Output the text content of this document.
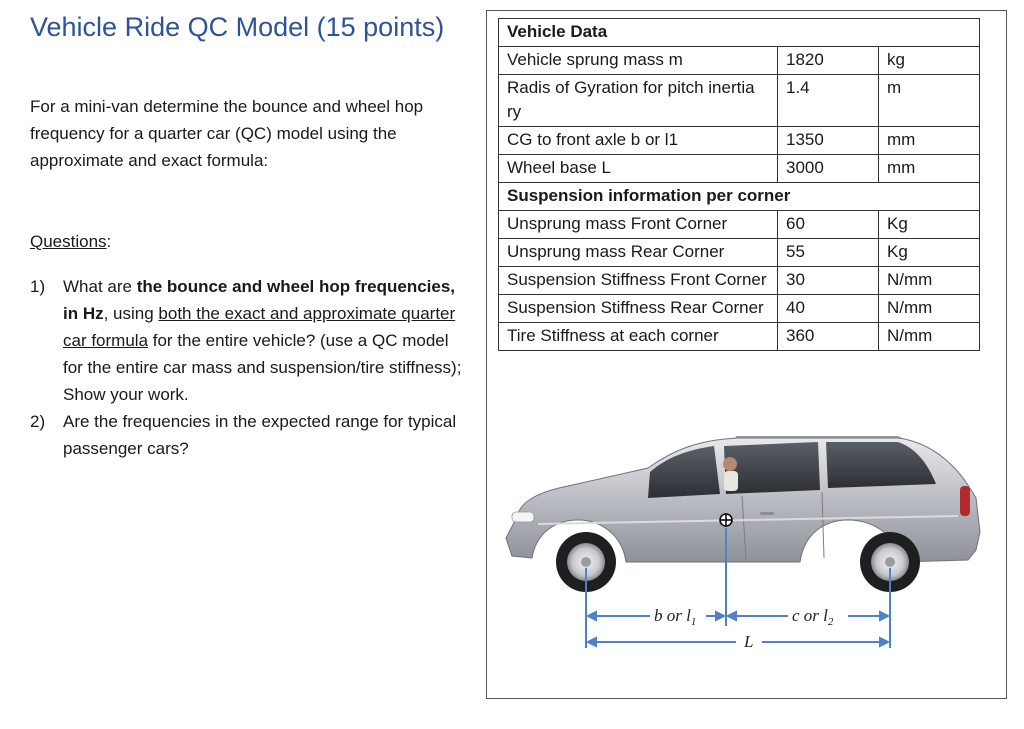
Vehicle Ride QC Model (15 points)
For a mini-van determine the bounce and wheel hop frequency for a quarter car (QC) model using the approximate and exact formula:
Questions:
1) What are the bounce and wheel hop frequencies, in Hz, using both the exact and approximate quarter car formula for the entire vehicle? (use a QC model for the entire car mass and suspension/tire stiffness); Show your work.
2) Are the frequencies in the expected range for typical passenger cars?
Vehicle Data		
Vehicle sprung mass m	1820	kg
Radis of Gyration for pitch inertia ry	1.4	m
CG to front axle b or l1	1350	mm
Wheel base L	3000	mm
Suspension information per corner		
Unsprung mass Front Corner	60	Kg
Unsprung mass Rear Corner	55	Kg
Suspension Stiffness Front Corner	30	N/mm
Suspension Stiffness Rear Corner	40	N/mm
Tire Stiffness at each corner	360	N/mm
b or $l_1$	c or $l_2$
L
